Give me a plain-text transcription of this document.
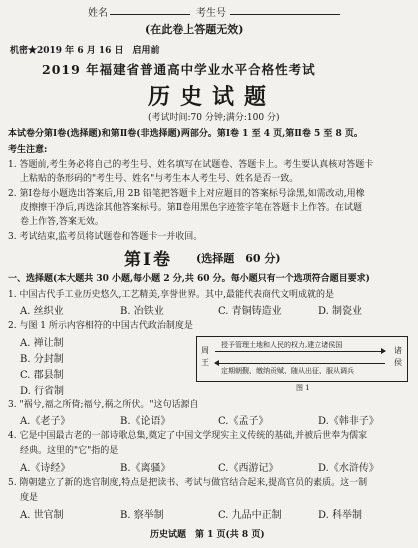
姓名	考生号
(在此卷上答题无效)
机密★2019 年 6 月 16 日　启用前
2019 年福建省普通高中学业水平合格性考试
历史试题
(考试时间:70 分钟;满分:100 分)
本试卷分第Ⅰ卷(选择题)和第Ⅱ卷(非选择题)两部分。第Ⅰ卷 1 至 4 页,第Ⅱ卷 5 至 8 页。
考生注意:
1. 答题前,考生务必将自己的考生号、姓名填写在试题卷、答题卡上。考生要认真核对答题卡
上粘贴的条形码的"考生号、姓名"与考生本人考生号、姓名是否一致。
2. 第Ⅰ卷每小题选出答案后,用 2B 铅笔把答题卡上对应题目的答案标号涂黑,如需改动,用橡
皮擦擦干净后,再选涂其他答案标号。第Ⅱ卷用黑色字迹签字笔在答题卡上作答。在试题
卷上作答,答案无效。
3. 考试结束,监考员将试题卷和答题卡一并收回。
第Ⅰ卷 (选择题　60 分)
一、选择题(本大题共 30 小题,每小题 2 分,共 60 分。每小题只有一个选项符合题目要求)
1. 中国古代手工业历史悠久,工艺精美,享誉世界。其中,最能代表商代文明成就的是
A. 丝织业	B. 冶铁业	C. 青铜铸造业	D. 制瓷业
2. 与图 1 所示内容相符的中国古代政治制度是
A. 禅让制
B. 分封制
C. 郡县制
D. 行省制
周王
诸侯
授予管理土地和人民的权力,建立诸侯国
定期朝觐、缴纳贡赋、随从出征、服从调兵
图 1
3. "祸兮,福之所倚;福兮,祸之所伏。"这句话源自
A.《老子》	B.《论语》	C.《孟子》	D.《韩非子》
4. 它是中国最古老的一部诗歌总集,奠定了中国文学现实主义传统的基础,并被后世奉为儒家
经典。这里的"它"指的是
A.《诗经》	B.《离骚》	C.《西游记》	D.《水浒传》
5. 隋朝建立了新的选官制度,特点是把读书、考试与做官结合起来,提高官员的素质。这一制
度是
A. 世官制	B. 察举制	C. 九品中正制	D. 科举制
历史试题　第 1 页(共 8 页)
